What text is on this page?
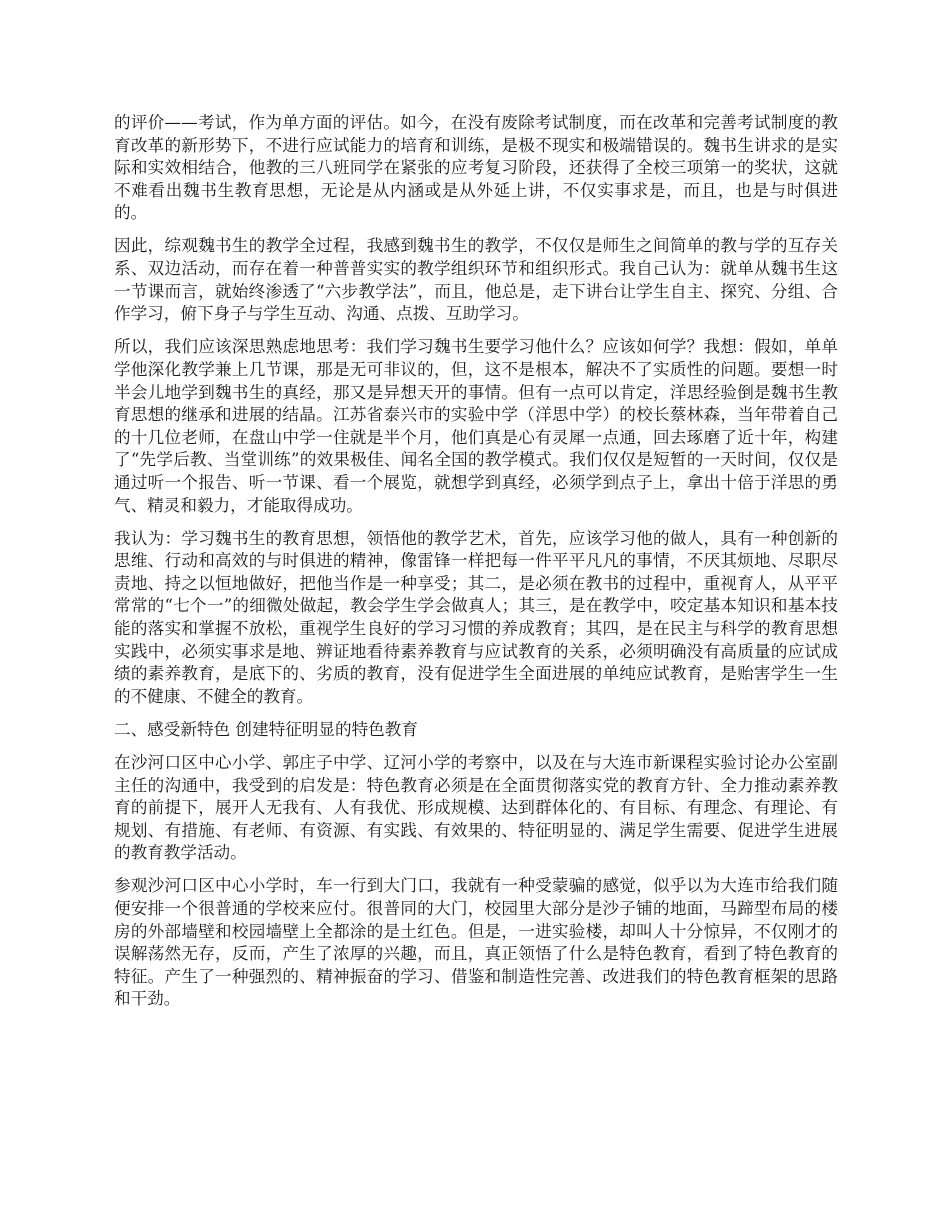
的评价——考试，作为单方面的评估。如今，在没有废除考试制度，而在改革和完善考试制度的教育改革的新形势下，不进行应试能力的培育和训练，是极不现实和极端错误的。魏书生讲求的是实际和实效相结合，他教的三八班同学在紧张的应考复习阶段，还获得了全校三项第一的奖状，这就不难看出魏书生教育思想，无论是从内涵或是从外延上讲，不仅实事求是，而且，也是与时俱进的。

因此，综观魏书生的教学全过程，我感到魏书生的教学，不仅仅是师生之间简单的教与学的互存关系、双边活动，而存在着一种普普实实的教学组织环节和组织形式。我自己认为：就单从魏书生这一节课而言，就始终渗透了“六步教学法”，而且，他总是，走下讲台让学生自主、探究、分组、合作学习，俯下身子与学生互动、沟通、点拨、互助学习。

所以，我们应该深思熟虑地思考：我们学习魏书生要学习他什么？应该如何学？我想：假如，单单学他深化教学兼上几节课，那是无可非议的，但，这不是根本，解决不了实质性的问题。要想一时半会儿地学到魏书生的真经，那又是异想天开的事情。但有一点可以肯定，洋思经验倒是魏书生教育思想的继承和进展的结晶。江苏省泰兴市的实验中学（洋思中学）的校长蔡林森，当年带着自己的十几位老师，在盘山中学一住就是半个月，他们真是心有灵犀一点通，回去琢磨了近十年，构建了“先学后教、当堂训练”的效果极佳、闻名全国的教学模式。我们仅仅是短暂的一天时间，仅仅是通过听一个报告、听一节课、看一个展览，就想学到真经，必须学到点子上，拿出十倍于洋思的勇气、精灵和毅力，才能取得成功。

我认为：学习魏书生的教育思想，领悟他的教学艺术，首先，应该学习他的做人，具有一种创新的思维、行动和高效的与时俱进的精神，像雷锋一样把每一件平平凡凡的事情，不厌其烦地、尽职尽责地、持之以恒地做好，把他当作是一种享受；其二，是必须在教书的过程中，重视育人，从平平常常的“七个一”的细微处做起，教会学生学会做真人；其三，是在教学中，咬定基本知识和基本技能的落实和掌握不放松，重视学生良好的学习习惯的养成教育；其四，是在民主与科学的教育思想实践中，必须实事求是地、辨证地看待素养教育与应试教育的关系，必须明确没有高质量的应试成绩的素养教育，是底下的、劣质的教育，没有促进学生全面进展的单纯应试教育，是贻害学生一生的不健康、不健全的教育。

二、感受新特色 创建特征明显的特色教育

在沙河口区中心小学、郭庄子中学、辽河小学的考察中，以及在与大连市新课程实验讨论办公室副主任的沟通中，我受到的启发是：特色教育必须是在全面贯彻落实党的教育方针、全力推动素养教育的前提下，展开人无我有、人有我优、形成规模、达到群体化的、有目标、有理念、有理论、有规划、有措施、有老师、有资源、有实践、有效果的、特征明显的、满足学生需要、促进学生进展的教育教学活动。

参观沙河口区中心小学时，车一行到大门口，我就有一种受蒙骗的感觉，似乎以为大连市给我们随便安排一个很普通的学校来应付。很普同的大门，校园里大部分是沙子铺的地面，马蹄型布局的楼房的外部墙壁和校园墙壁上全都涂的是土红色。但是，一进实验楼，却叫人十分惊异，不仅刚才的误解荡然无存，反而，产生了浓厚的兴趣，而且，真正领悟了什么是特色教育，看到了特色教育的特征。产生了一种强烈的、精神振奋的学习、借鉴和制造性完善、改进我们的特色教育框架的思路和干劲。
